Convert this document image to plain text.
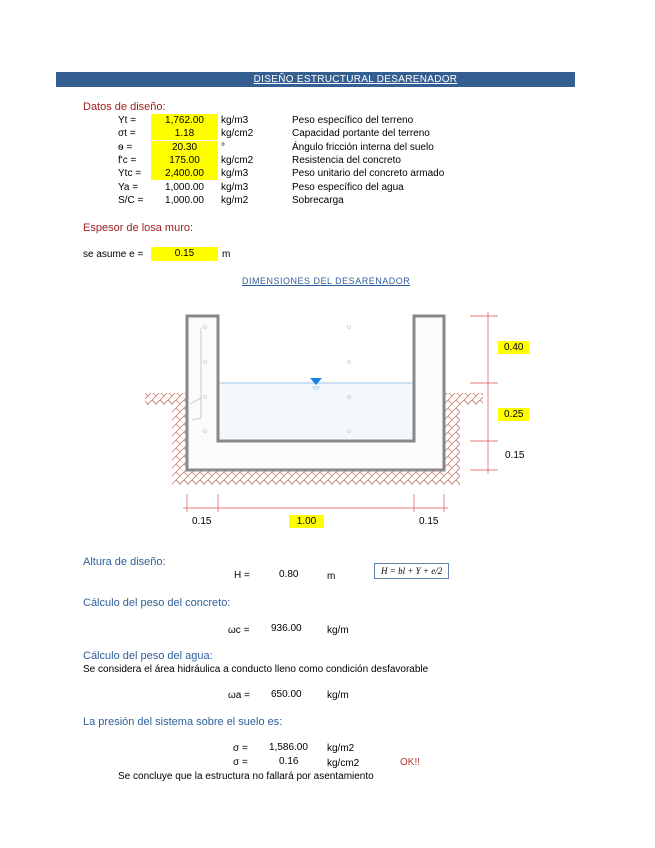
DISEÑO ESTRUCTURAL DESARENADOR
Datos de diseño:
Yt =	1,762.00	kg/m3	Peso específico del terreno
σt =	1.18	kg/cm2	Capacidad portante del terreno
ѳ =	20.30	°	Ángulo fricción interna del suelo
f'c =	175.00	kg/cm2	Resistencia del concreto
Ytc =	2,400.00	kg/m3	Peso unitario del concreto armado
Ya =	1,000.00	kg/m3	Peso específico del agua
S/C =	1,000.00	kg/m2	Sobrecarga
Espesor de losa muro:
se asume e =	0.15	m
DIMENSIONES DEL DESARENADOR
0.40
0.25
0.15
0.15	1.00	0.15
Altura de diseño:
H =	0.80	m	H = bl + Y + e/2
Cálculo del peso del concreto:
ωc = 936.00	kg/m
Cálculo del peso del agua:
Se considera el área hidráulica a conducto lleno como condición desfavorable
ωa = 650.00	kg/m
La presión del sistema sobre el suelo es:
σ = 1,586.00 kg/m2
σ =	0.16	kg/cm2	OK!!
Se concluye que la estructura no fallará por asentamiento
